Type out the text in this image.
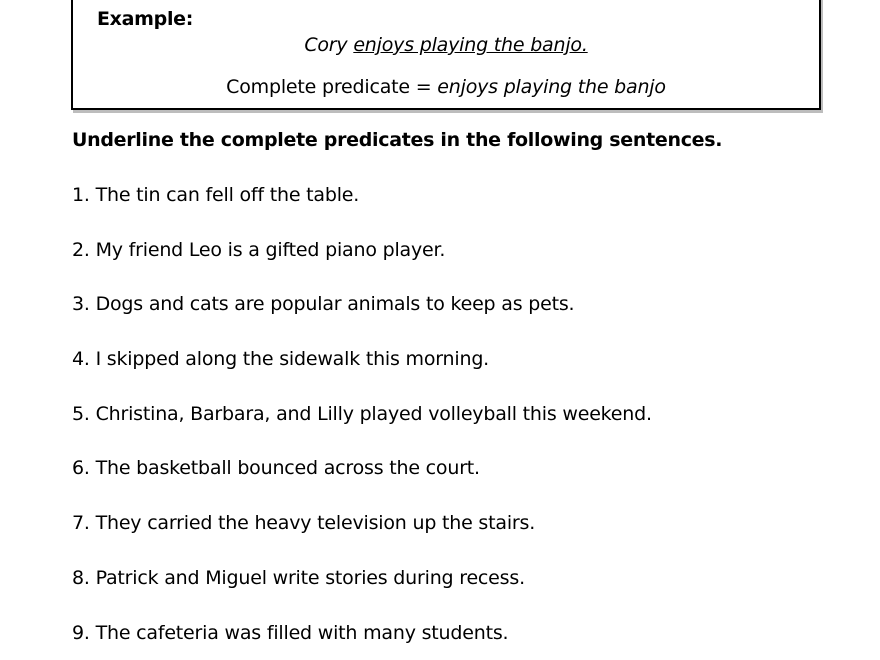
Example:
Cory enjoys playing the banjo.
Complete predicate = enjoys playing the banjo
Underline the complete predicates in the following sentences.
1. The tin can fell off the table.
2. My friend Leo is a gifted piano player.
3. Dogs and cats are popular animals to keep as pets.
4. I skipped along the sidewalk this morning.
5. Christina, Barbara, and Lilly played volleyball this weekend.
6. The basketball bounced across the court.
7. They carried the heavy television up the stairs.
8. Patrick and Miguel write stories during recess.
9. The cafeteria was filled with many students.
